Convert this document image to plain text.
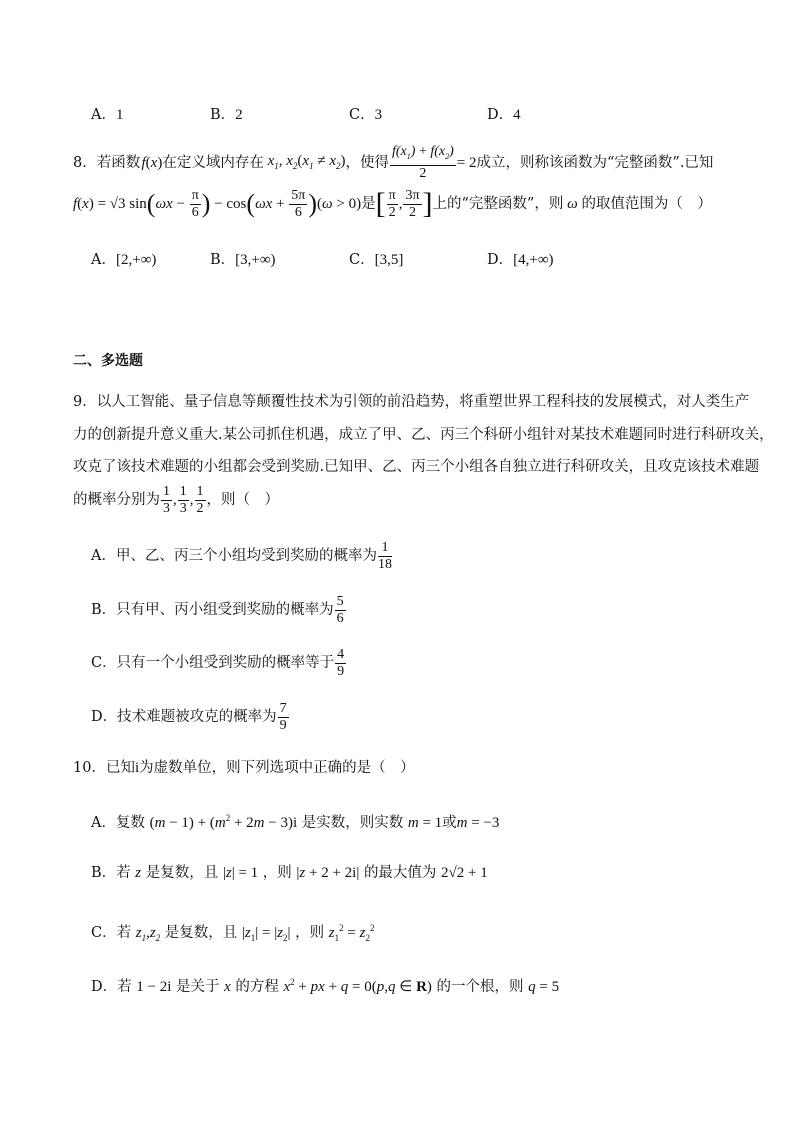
A．1	B．2	C．3	D．4
8． 若函数  f ( x ) 在定义域内存在 $x_1$, $x_2(x_1 \ne x_2)$ ，使得 $\frac{f(x_1) + f(x_2)}{2} = 2$ 成立，则称该函数为“完整函数”.已知
f ( x ) = √3 sin ( $\omega x - \frac{\pi}{6}$ ) − cos ( $\omega x + \frac{5\pi}{6}$ ) (ω > 0) 是 [ $\frac{\pi}{2}$ , $\frac{3\pi}{2}$ ] 上的“完整函数”，则 ω 的取值范围为（　）
A．[2,+∞)	B．[3,+∞)	C．[3,5]	D．[4,+∞)
二、多选题
9．以人工智能、量子信息等颠覆性技术为引领的前沿趋势，将重塑世界工程科技的发展模式，对人类生产
力的创新提升意义重大.某公司抓住机遇，成立了甲、乙、丙三个科研小组针对某技术难题同时进行科研攻关，
攻克了该技术难题的小组都会受到奖励.已知甲、乙、丙三个小组各自独立进行科研攻关，且攻克该技术难题
的概率分别为 $\frac{1}{3}$ , $\frac{1}{3}$ , $\frac{1}{2}$ ，则（　）
A． 甲、乙、丙三个小组均受到奖励的概率为 $\frac{1}{18}$
B． 只有甲、丙小组受到奖励的概率为 $\frac{5}{6}$
C． 只有一个小组受到奖励的概率等于 $\frac{4}{9}$
D． 技术难题被攻克的概率为 $\frac{7}{9}$
10．已知i为虚数单位，则下列选项中正确的是（　）
A．复数 $(m - 1) + (m^2 + 2m - 3)i$ 是实数，则实数 m = 1或m = −3
B．若 z 是复数，且 |z| = 1 ，则 |z + 2 + 2i| 的最大值为 2√2 + 1
C．若 $z_1,z_2$ 是复数，且 $|z_1| = |z_2|$ ，则 $z_1^2 = z_2^2$
D．若 1 − 2i 是关于 x 的方程 $x^2$ + px + q = 0(p,q ∈ R) 的一个根，则 q = 5
